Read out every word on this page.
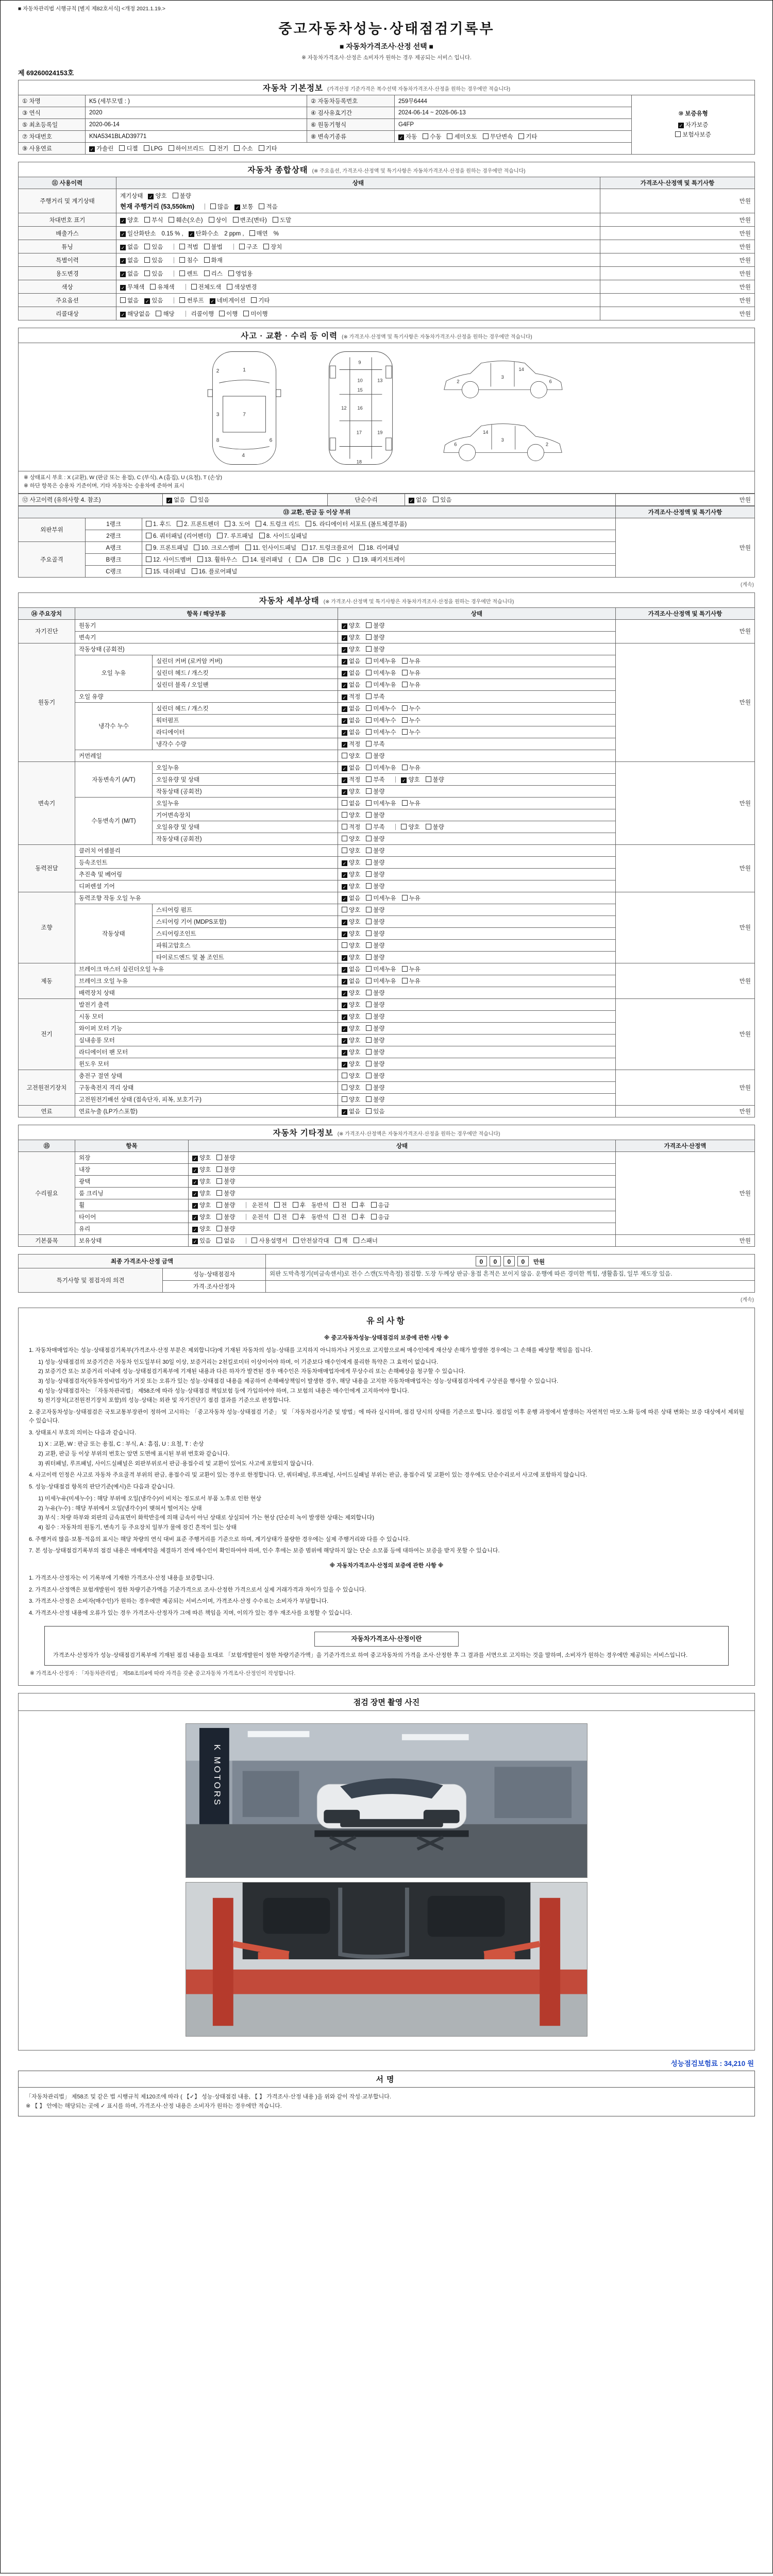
■ 자동차관리법 시행규칙 [별지 제82호서식] <개정 2021.1.19.>
중고자동차성능·상태점검기록부
■ 자동차가격조사·산정 선택 ■
※ 자동차가격조사·산정은 소비자가 원하는 경우 제공되는 서비스 입니다.
제 69260024153호
자동차 기본정보 (가격산정 기준가격은 복수선택 자동차가격조사·산정을 원하는 경우에만 적습니다)				
① 차명	K5 (세부모델 : )	② 자동차등록번호	259무6444	⑩ 보증유형
✓ 자가보증
보험사보증

③ 연식	2020	④ 검사유효기간	2024-06-14 ~ 2026-06-13	
⑤ 최초등록일	2020-06-14	⑥ 원동기형식	G4FP	
⑦ 차대번호	KNA5341BLAD39771	⑧ 변속기종류	✓ 자동 수동 세미오토 무단변속 기타	
⑨ 사용연료	✓ 가솔린 디젤 LPG 하이브리드 전기 수소 기타			
자동차 종합상태 (※ 주요옵션, 가격조사·산정액 및 특기사항은 자동차가격조사·산정을 원하는 경우에만 적습니다)		
⑪ 사용이력	상태	가격조사·산정액 및 특기사항
주행거리 및 계기상태	계기상태 ✓ 양호 불량
현재 주행거리 (53,550km) 많음 ✓ 보통 적음	만원
차대번호 표기	✓ 양호 부식 훼손(오손) 상이 변조(변타) 도말	만원
배출가스	✓ 일산화탄소 0.15 % , ✓ 탄화수소 2 ppm , 매연 %	만원
튜닝	✓ 없음 있음 적법 불법 구조 장치	만원
특별이력	✓ 없음 있음 침수 화재	만원
용도변경	✓ 없음 있음 렌트 리스 영업용	만원
색상	✓ 무채색 유채색 전체도색 색상변경	만원
주요옵션	없음 ✓ 있음 썬루프 ✓ 네비게이션 기타	만원
리콜대상	✓ 해당없음 해당 리콜이행 이행 미이행	만원
사고 · 교환 · 수리 등 이력 (※ 가격조사·산정액 및 특기사항은 자동차가격조사·산정을 원하는 경우에만 적습니다)
1
7
4
2
3
6
8
9
10
12 16
15
17
18
13
19
2
3
6
14
2
3
6
14
※ 상태표시 부호 : X (교환), W (판금 또는 용접), C (부식), A (흠집), U (요철), T (손상)
※ 하단 항목은 승용차 기준이며, 기타 자동차는 승용차에 준하여 표시
⑫ 사고이력 (유의사항 4. 참조)	✓ 없음 있음	단순수리	✓ 없음 있음	만원
⑬ 교환, 판금 등 이상 부위			가격조사·산정액 및 특기사항
외판부위	1랭크	1. 후드 2. 프론트펜더 3. 도어 4. 트렁크 리드 5. 라디에이터 서포트 (볼트체결부품)	만원
	2랭크	6. 쿼터패널 (리어펜더) 7. 루프패널 8. 사이드실패널	
주요골격	A랭크	9. 프론트패널 10. 크로스멤버 11. 인사이드패널 17. 트렁크플로어 18. 리어패널	
	B랭크	12. 사이드멤버 13. 휠하우스 14. 필러패널 ( A B C ) 19. 패키지트레이	
	C랭크	15. 대쉬패널 16. 플로어패널	
(계속)
자동차 세부상태 (※ 가격조사·산정액 및 특기사항은 자동차가격조사·산정을 원하는 경우에만 적습니다)				
⑭ 주요장치	항목 / 해당부품		상태	가격조사·산정액 및 특기사항
자기진단	원동기		✓ 양호 불량	만원
	변속기		✓ 양호 불량	
원동기	작동상태 (공회전)		✓ 양호 불량	만원
	오일 누유	실린더 커버 (로커암 커버)	✓ 없음 미세누유 누유	
		실린더 헤드 / 개스킷	✓ 없음 미세누유 누유	
		실린더 블록 / 오일팬	✓ 없음 미세누유 누유	
	오일 유량		✓ 적정 부족	
	냉각수 누수	실린더 헤드 / 개스킷	✓ 없음 미세누수 누수	
		워터펌프	✓ 없음 미세누수 누수	
		라디에이터	✓ 없음 미세누수 누수	
		냉각수 수량	✓ 적정 부족	
	커먼레일		양호 불량	
변속기	자동변속기 (A/T)	오일누유	✓ 없음 미세누유 누유	만원
		오일유량 및 상태	✓ 적정 부족 ✓ 양호 불량	
		작동상태 (공회전)	✓ 양호 불량	
	수동변속기 (M/T)	오일누유	없음 미세누유 누유	
		기어변속장치	양호 불량	
		오일유량 및 상태	적정 부족 양호 불량	
		작동상태 (공회전)	양호 불량	
동력전달	클러치 어셈블리		양호 불량	만원
	등속조인트		✓ 양호 불량	
	추진축 및 베어링		✓ 양호 불량	
	디퍼렌셜 기어		✓ 양호 불량	
조향	동력조향 작동 오일 누유		✓ 없음 미세누유 누유	만원
	작동상태	스티어링 펌프	양호 불량	
		스티어링 기어 (MDPS포함)	✓ 양호 불량	
		스티어링조인트	✓ 양호 불량	
		파워고압호스	양호 불량	
		타이로드엔드 및 볼 조인트	✓ 양호 불량	
제동	브레이크 마스터 실린더오일 누유		✓ 없음 미세누유 누유	만원
	브레이크 오일 누유		✓ 없음 미세누유 누유	
	배력장치 상태		✓ 양호 불량	
전기	발전기 출력		✓ 양호 불량	만원
	시동 모터		✓ 양호 불량	
	와이퍼 모터 기능		✓ 양호 불량	
	실내송풍 모터		✓ 양호 불량	
	라디에이터 팬 모터		✓ 양호 불량	
	윈도우 모터		✓ 양호 불량	
고전원전기장치	충전구 절연 상태		양호 불량	만원
	구동축전지 격리 상태		양호 불량	
	고전원전기배선 상태 (접속단자, 피복, 보호기구)		양호 불량	
연료	연료누출 (LP가스포함)		✓ 없음 있음	만원
자동차 기타정보 (※ 가격조사·산정액은 자동차가격조사·산정을 원하는 경우에만 적습니다)			
⑮	항목	상태	가격조사·산정액
수리필요	외장	✓ 양호 불량	만원
	내장	✓ 양호 불량	
	광택	✓ 양호 불량	
	룸 크리닝	✓ 양호 불량	
	휠	✓ 양호 불량 운전석 전 후 동반석 전 후 응급	
	타이어	✓ 양호 불량 운전석 전 후 동반석 전 후 응급	
	유리	✓ 양호 불량	
기본품목	보유상태	✓ 있음 없음 사용설명서 안전삼각대 잭 스패너	만원
최종 가격조사·산정 금액		0 0 0 0 만원
특기사항 및 점검자의 의견	성능·상태점검자	외판 도막측정기(비금속센서)로 전수 스캔(도막측정) 점검함. 도장 두께상 판금·용접 흔적은 보이지 않음. 운행에 따른 경미한 찍힘, 생활흠집, 일부 재도장 있음.
	가격·조사산정자	
(계속)
유의사항
※ 중고자동차성능·상태점검의 보증에 관한 사항 ※
1. 자동차매매업자는 성능·상태점검기록부(가격조사·산정 부분은 제외합니다)에 기재된 자동차의 성능·상태를 고지하지 아니하거나 거짓으로 고지함으로써 매수인에게 재산상 손해가 발생한 경우에는 그 손해를 배상할 책임을 집니다.
1) 성능·상태점검의 보증기간은 자동차 인도일부터 30일 이상, 보증거리는 2천킬로미터 이상이어야 하며, 이 기준보다 매수인에게 불리한 특약은 그 효력이 없습니다.
2) 보증기간 또는 보증거리 이내에 성능·상태점검기록부에 기재된 내용과 다른 하자가 발견된 경우 매수인은 자동차매매업자에게 무상수리 또는 손해배상을 청구할 수 있습니다.
3) 성능·상태점검자(자동차정비업자)가 거짓 또는 오류가 있는 성능·상태점검 내용을 제공하여 손해배상책임이 발생한 경우, 해당 내용을 고지한 자동차매매업자는 성능·상태점검자에게 구상권을 행사할 수 있습니다.
4) 성능·상태점검자는 「자동차관리법」 제58조에 따라 성능·상태점검 책임보험 등에 가입하여야 하며, 그 보험의 내용은 매수인에게 고지하여야 합니다.
5) 전기장치(고전원전기장치 포함)의 성능·상태는 외관 및 자기진단기 점검 결과를 기준으로 판정합니다.
2. 중고자동차성능·상태점검은 국토교통부장관이 정하여 고시하는 「중고자동차 성능·상태점검 기준」 및 「자동차검사기준 및 방법」에 따라 실시하며, 점검 당시의 상태를 기준으로 합니다. 점검일 이후 운행 과정에서 발생하는 자연적인 마모·노화 등에 따른 상태 변화는 보증 대상에서 제외될 수 있습니다.
3. 상태표시 부호의 의미는 다음과 같습니다.
1) X : 교환, W : 판금 또는 용접, C : 부식, A : 흠집, U : 요철, T : 손상
2) 교환, 판금 등 이상 부위의 번호는 앞면 도면에 표시된 부위 번호와 같습니다.
3) 쿼터패널, 루프패널, 사이드실패널은 외판부위로서 판금·용접수리 및 교환이 있어도 사고에 포함되지 않습니다.
4. 사고이력 인정은 사고로 자동차 주요골격 부위의 판금, 용접수리 및 교환이 있는 경우로 한정합니다. 단, 쿼터패널, 루프패널, 사이드실패널 부위는 판금, 용접수리 및 교환이 있는 경우에도 단순수리로서 사고에 포함하지 않습니다.
5. 성능·상태점검 항목의 판단기준(예시)은 다음과 같습니다.
1) 미세누유(미세누수) : 해당 부위에 오일(냉각수)이 비치는 정도로서 부품 노후로 인한 현상
2) 누유(누수) : 해당 부위에서 오일(냉각수)이 맺혀서 떨어지는 상태
3) 부식 : 차량 하부와 외판의 금속표면이 화학반응에 의해 금속이 아닌 상태로 상실되어 가는 현상 (단순히 녹이 발생한 상태는 제외합니다)
4) 침수 : 자동차의 원동기, 변속기 등 주요장치 일부가 물에 잠긴 흔적이 있는 상태
6. 주행거리 많음·보통·적음의 표시는 해당 차량의 연식 대비 표준 주행거리를 기준으로 하며, 계기상태가 불량한 경우에는 실제 주행거리와 다를 수 있습니다.
7. 본 성능·상태점검기록부의 점검 내용은 매매계약을 체결하기 전에 매수인이 확인하여야 하며, 인수 후에는 보증 범위에 해당하지 않는 단순 소모품 등에 대하여는 보증을 받지 못할 수 있습니다.
※ 자동차가격조사·산정의 보증에 관한 사항 ※
1. 가격조사·산정자는 이 기록부에 기재한 가격조사·산정 내용을 보증합니다.
2. 가격조사·산정액은 보험개발원이 정한 차량기준가액을 기준가격으로 조사·산정한 가격으로서 실제 거래가격과 차이가 있을 수 있습니다.
3. 가격조사·산정은 소비자(매수인)가 원하는 경우에만 제공되는 서비스이며, 가격조사·산정 수수료는 소비자가 부담합니다.
4. 가격조사·산정 내용에 오류가 있는 경우 가격조사·산정자가 그에 따른 책임을 지며, 이의가 있는 경우 재조사를 요청할 수 있습니다.
자동차가격조사·산정이란
가격조사·산정자가 성능·상태점검기록부에 기재된 점검 내용을 토대로 「보험개발원이 정한 차량기준가액」을 기준가격으로 하여 중고자동차의 가격을 조사·산정한 후 그 결과를 서면으로 고지하는 것을 말하며, 소비자가 원하는 경우에만 제공되는 서비스입니다.
※ 가격조사·산정자 : 「자동차관리법」 제58조의4에 따라 자격을 갖춘 중고자동차 가격조사·산정인이 작성합니다.
점검 장면 촬영 사진
K MOTORS
성능점검보험료 : 34,210 원
서명
「자동차관리법」 제58조 및 같은 법 시행규칙 제120조에 따라 ( 【✓】 성능·상태점검 내용, 【 】 가격조사·산정 내용 )을 위와 같이 작성·교부합니다.
※ 【 】 안에는 해당되는 곳에 ✓ 표시를 하며, 가격조사·산정 내용은 소비자가 원하는 경우에만 적습니다.
